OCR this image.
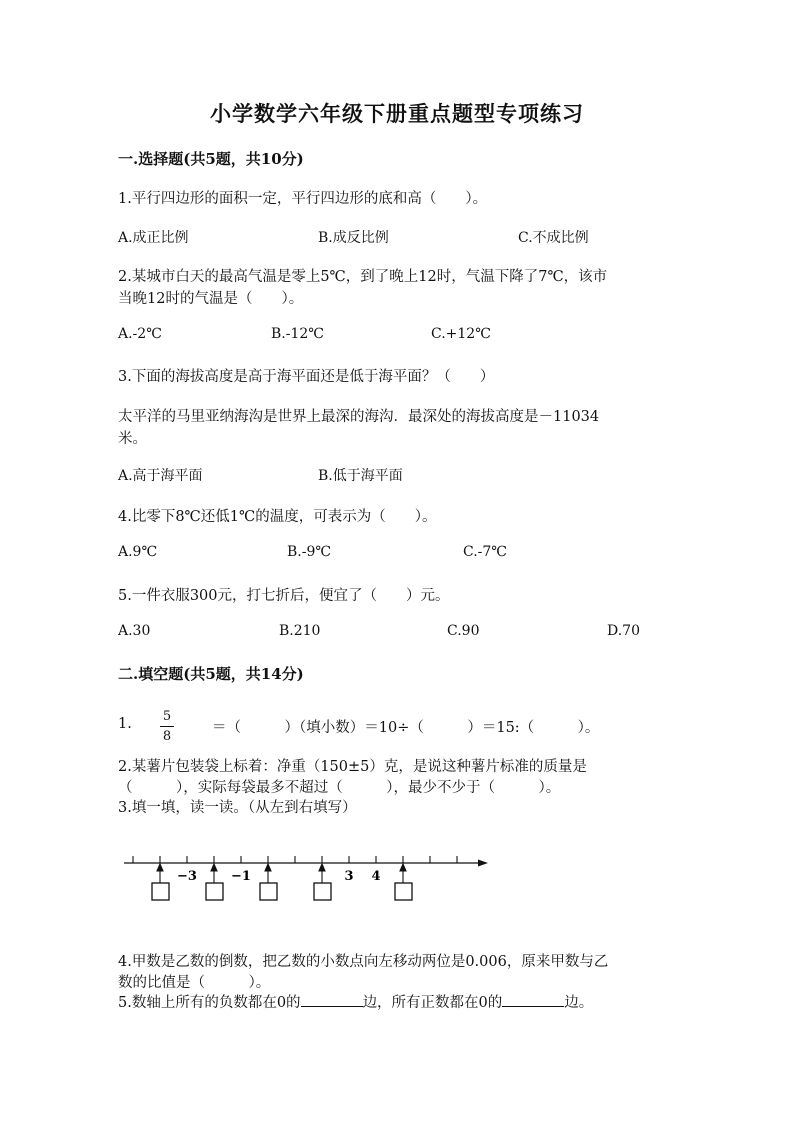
小学数学六年级下册重点题型专项练习
一.选择题(共5题，共10分)
1.平行四边形的面积一定，平行四边形的底和高（　　）。
A.成正比例	B.成反比例	C.不成比例
2.某城市白天的最高气温是零上5℃，到了晚上12时，气温下降了7℃，该市
当晚12时的气温是（　　）。
A.-2℃	B.-12℃	C.+12℃
3.下面的海拔高度是高于海平面还是低于海平面？（　　）
太平洋的马里亚纳海沟是世界上最深的海沟．最深处的海拔高度是－11034
米。
A.高于海平面	B.低于海平面
4.比零下8℃还低1℃的温度，可表示为（　　）。
A.9℃	B.-9℃	C.-7℃
5.一件衣服300元，打七折后，便宜了（　　）元。
A.30	B.210	C.90	D.70
二.填空题(共5题，共14分)
1. 5
8
＝（　　　）（填小数）＝10÷（　　　）＝15:（　　　）。
2.某薯片包装袋上标着：净重（150±5）克，是说这种薯片标准的质量是
（　　　），实际每袋最多不超过（　　　），最少不少于（　　　）。
3.填一填，读一读。（从左到右填写）
−3	−1	3 4
4.甲数是乙数的倒数，把乙数的小数点向左移动两位是0.006，原来甲数与乙
数的比值是（　　　）。
5.数轴上所有的负数都在0的	边，所有正数都在0的	边。
